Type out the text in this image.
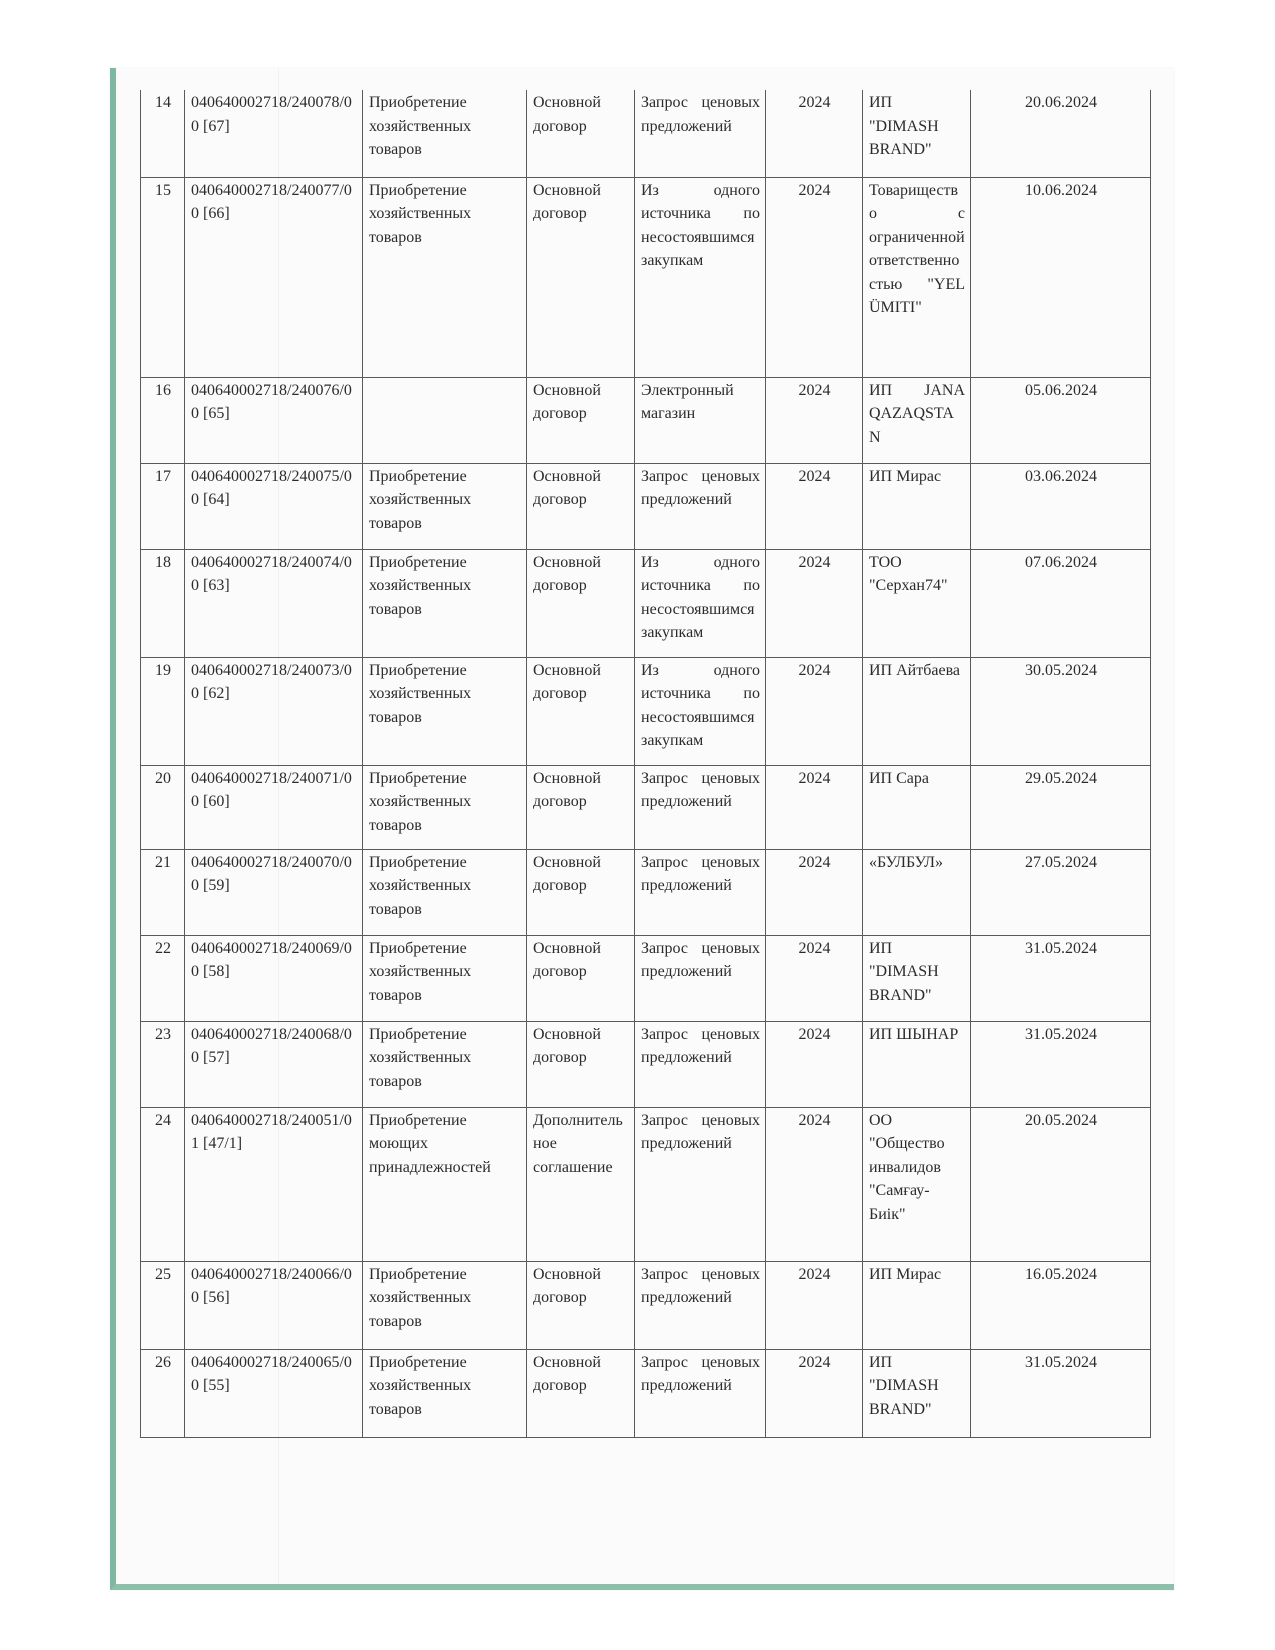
14	040640002718/240078/00 [67]	Приобретение хозяйственных товаров	Основной договор	Запрос ценовых предложений	2024	ИП "DIMASH BRAND"	20.06.2024
15	040640002718/240077/00 [66]	Приобретение хозяйственных товаров	Основной договор	Из одного источника по несостоявшимся закупкам	2024	Товарищество с ограниченной ответственностью "YEL ÜMITI"	10.06.2024
16	040640002718/240076/00 [65]		Основной договор	Электронный магазин	2024	ИП JANA QAZAQSTAN	05.06.2024
17	040640002718/240075/00 [64]	Приобретение хозяйственных товаров	Основной договор	Запрос ценовых предложений	2024	ИП Мирас	03.06.2024
18	040640002718/240074/00 [63]	Приобретение хозяйственных товаров	Основной договор	Из одного источника по несостоявшимся закупкам	2024	ТОО "Серхан74"	07.06.2024
19	040640002718/240073/00 [62]	Приобретение хозяйственных товаров	Основной договор	Из одного источника по несостоявшимся закупкам	2024	ИП Айтбаева	30.05.2024
20	040640002718/240071/00 [60]	Приобретение хозяйственных товаров	Основной договор	Запрос ценовых предложений	2024	ИП Сара	29.05.2024
21	040640002718/240070/00 [59]	Приобретение хозяйственных товаров	Основной договор	Запрос ценовых предложений	2024	«БУЛБУЛ»	27.05.2024
22	040640002718/240069/00 [58]	Приобретение хозяйственных товаров	Основной договор	Запрос ценовых предложений	2024	ИП "DIMASH BRAND"	31.05.2024
23	040640002718/240068/00 [57]	Приобретение хозяйственных товаров	Основной договор	Запрос ценовых предложений	2024	ИП ШЫНАР	31.05.2024
24	040640002718/240051/01 [47/1]	Приобретение моющих принадлежностей	Дополнительное соглашение	Запрос ценовых предложений	2024	ОО "Общество инвалидов "Самғау-Биік"	20.05.2024
25	040640002718/240066/00 [56]	Приобретение хозяйственных товаров	Основной договор	Запрос ценовых предложений	2024	ИП Мирас	16.05.2024
26	040640002718/240065/00 [55]	Приобретение хозяйственных товаров	Основной договор	Запрос ценовых предложений	2024	ИП "DIMASH BRAND"	31.05.2024
